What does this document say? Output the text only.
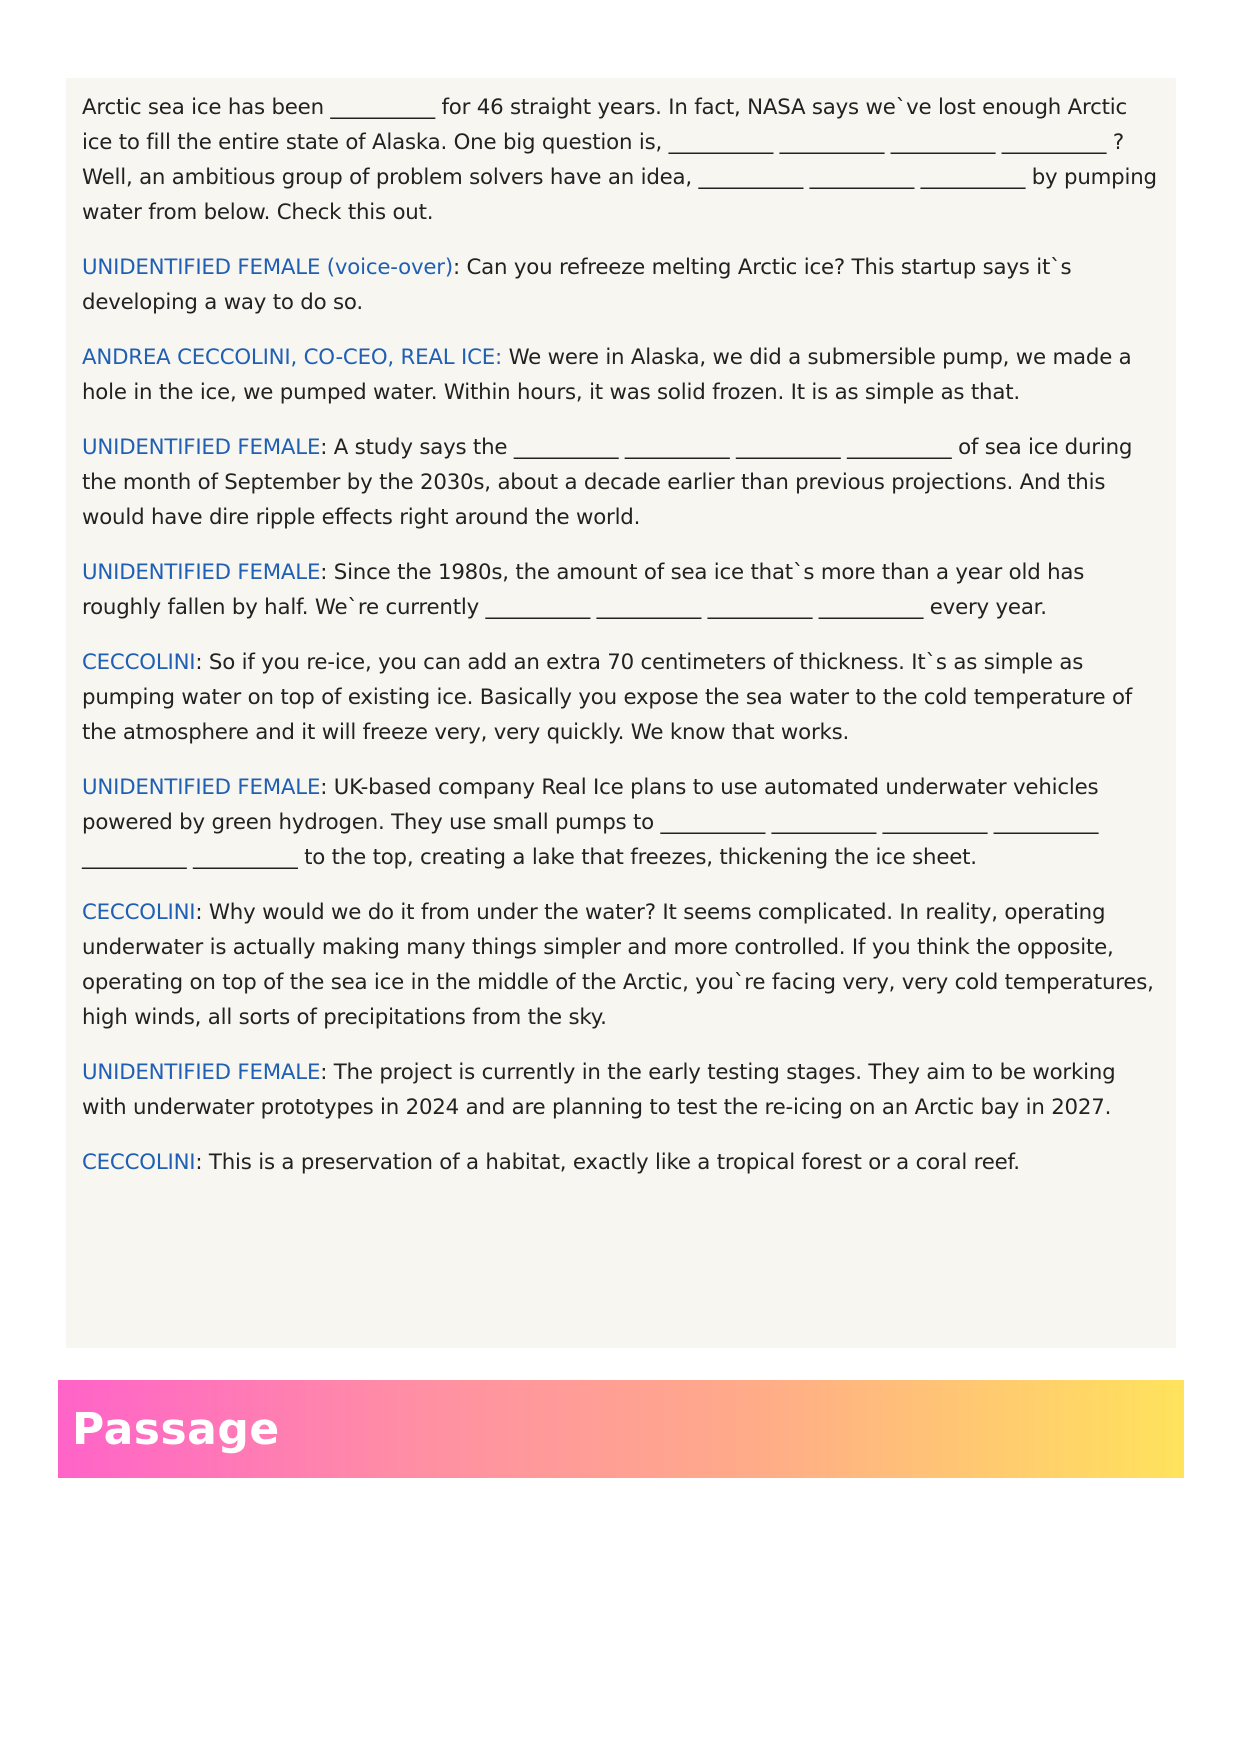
Arctic sea ice has been __________ for 46 straight years. In fact, NASA says we`ve lost enough Arctic ice to fill the entire state of Alaska. One big question is, __________ __________ __________ __________ ? Well, an ambitious group of problem solvers have an idea, __________ __________ __________ by pumping water from below. Check this out.

UNIDENTIFIED FEMALE (voice-over): Can you refreeze melting Arctic ice? This startup says it`s developing a way to do so.

ANDREA CECCOLINI, CO-CEO, REAL ICE: We were in Alaska, we did a submersible pump, we made a hole in the ice, we pumped water. Within hours, it was solid frozen. It is as simple as that.

UNIDENTIFIED FEMALE: A study says the __________ __________ __________ __________ of sea ice during the month of September by the 2030s, about a decade earlier than previous projections. And this would have dire ripple effects right around the world.

UNIDENTIFIED FEMALE: Since the 1980s, the amount of sea ice that`s more than a year old has roughly fallen by half. We`re currently __________ __________ __________ __________ every year.

CECCOLINI: So if you re-ice, you can add an extra 70 centimeters of thickness. It`s as simple as pumping water on top of existing ice. Basically you expose the sea water to the cold temperature of the atmosphere and it will freeze very, very quickly. We know that works.

UNIDENTIFIED FEMALE: UK-based company Real Ice plans to use automated underwater vehicles powered by green hydrogen. They use small pumps to __________ __________ __________ __________ __________ __________ to the top, creating a lake that freezes, thickening the ice sheet.

CECCOLINI: Why would we do it from under the water? It seems complicated. In reality, operating underwater is actually making many things simpler and more controlled. If you think the opposite, operating on top of the sea ice in the middle of the Arctic, you`re facing very, very cold temperatures, high winds, all sorts of precipitations from the sky.

UNIDENTIFIED FEMALE: The project is currently in the early testing stages. They aim to be working with underwater prototypes in 2024 and are planning to test the re-icing on an Arctic bay in 2027.

CECCOLINI: This is a preservation of a habitat, exactly like a tropical forest or a coral reef.

Passage
